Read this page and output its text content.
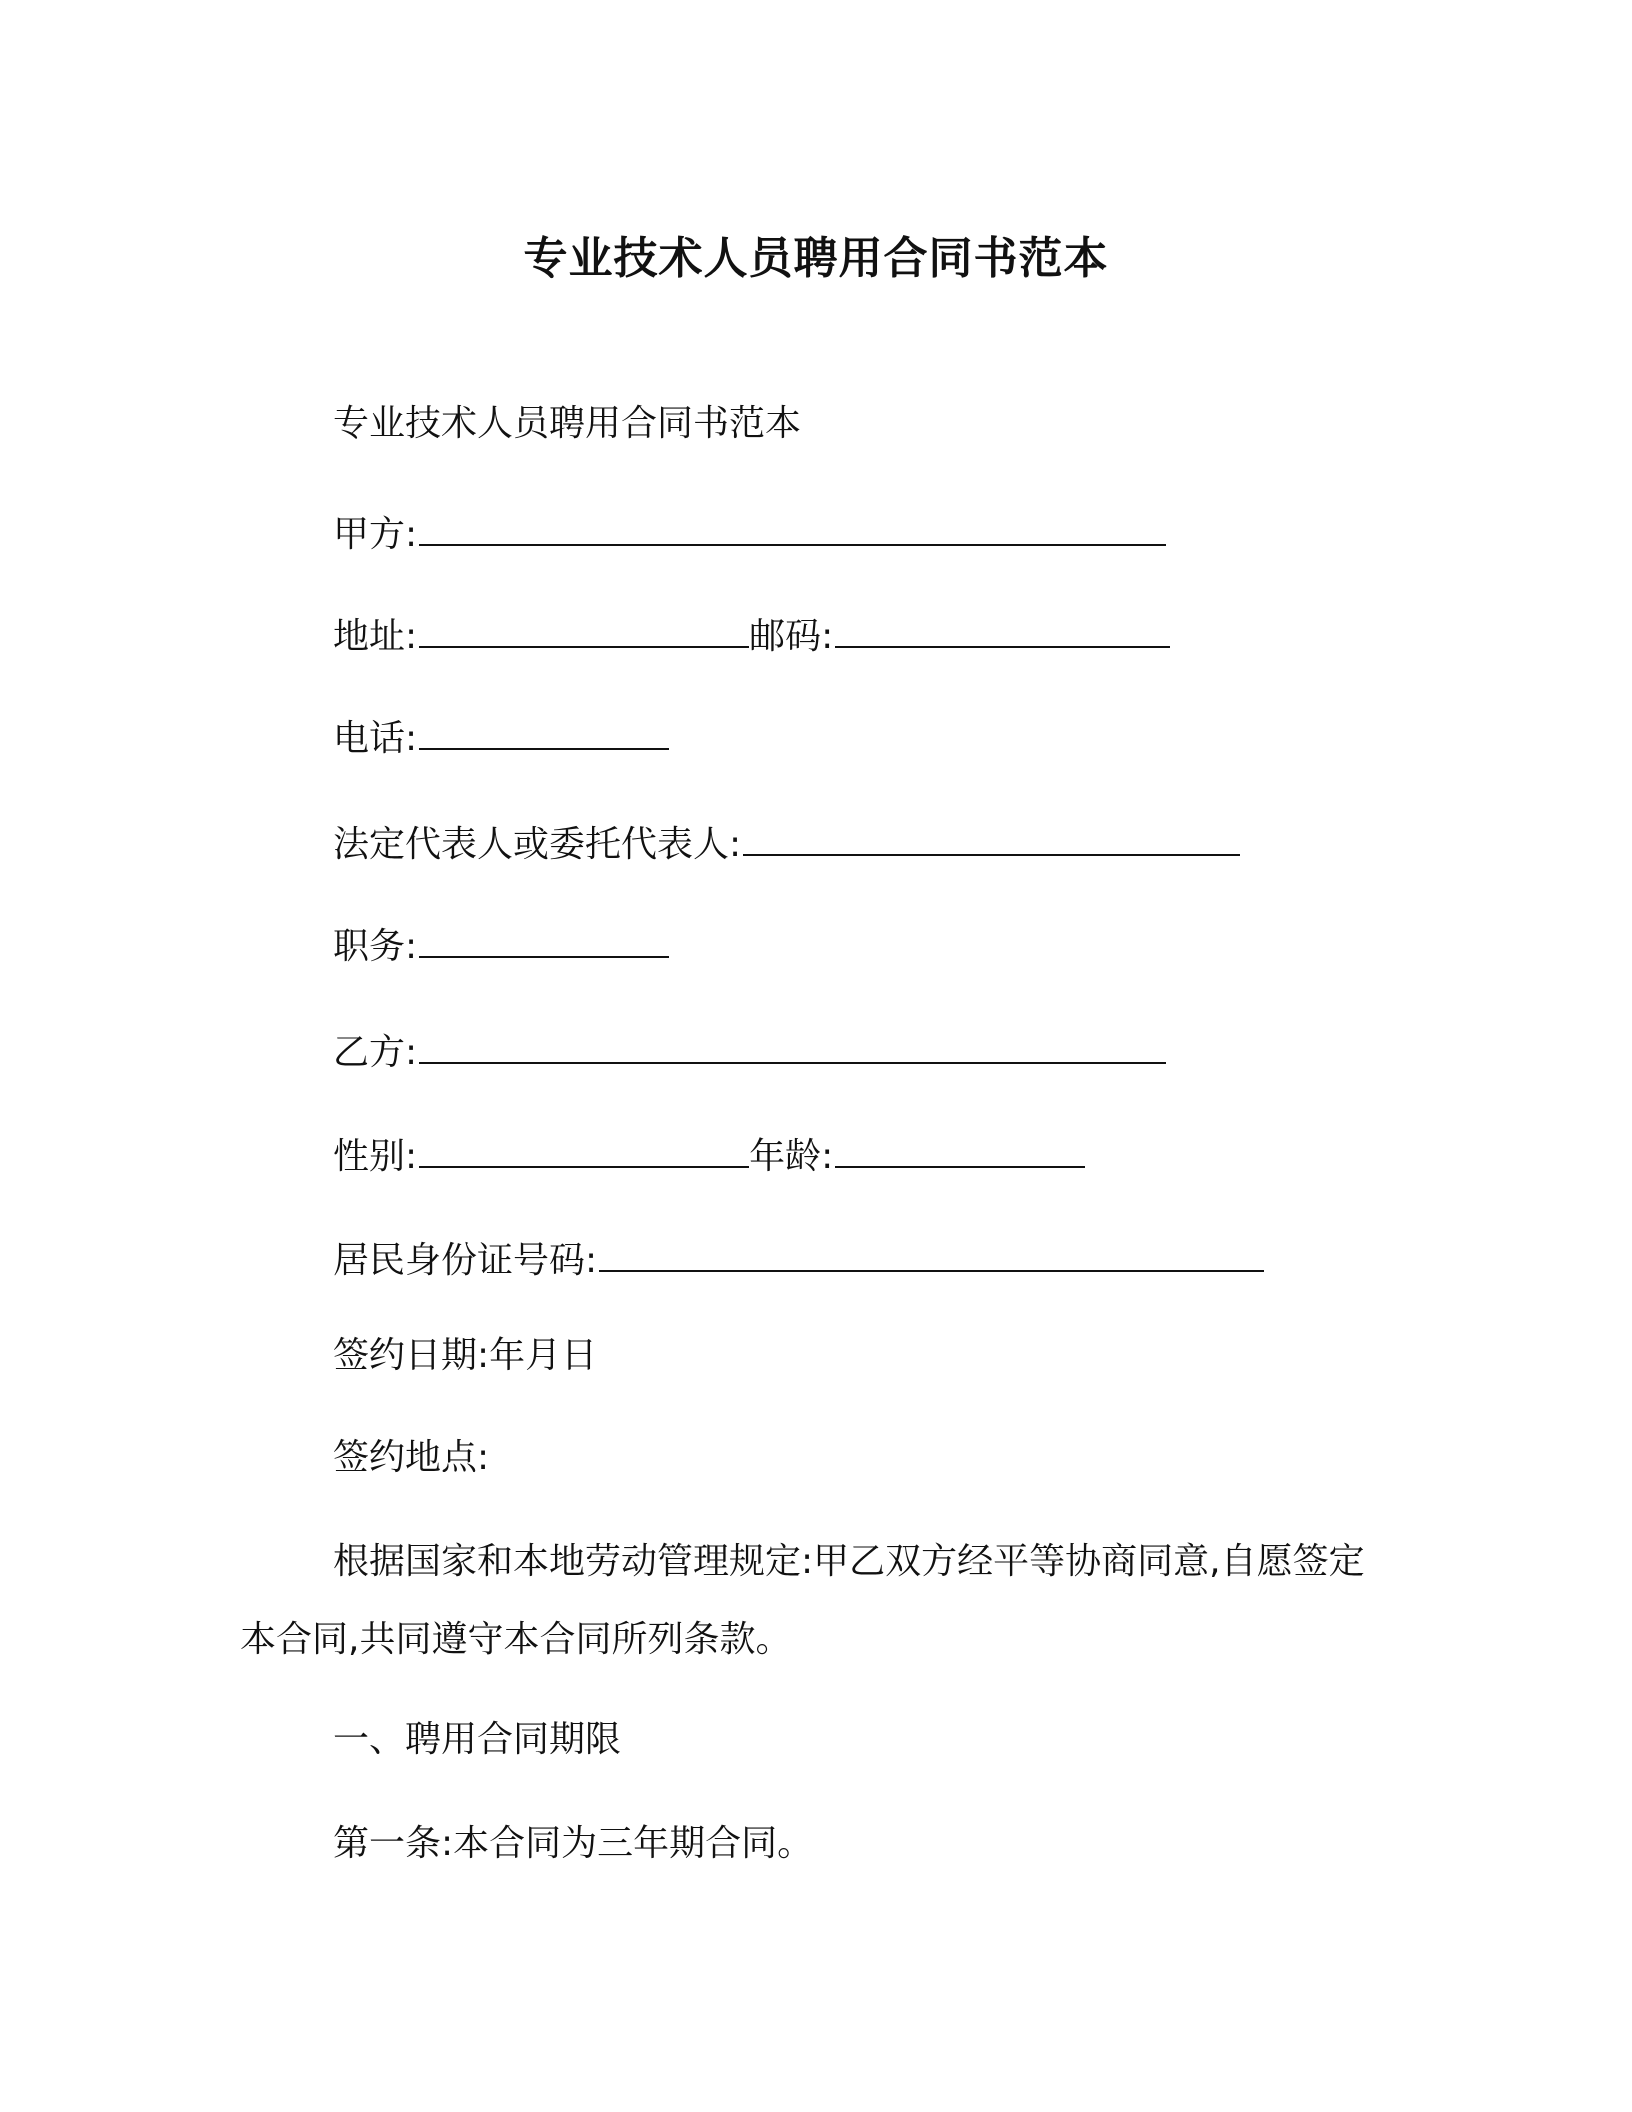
专业技术人员聘用合同书范本
专业技术人员聘用合同书范本
甲方:
地址:	邮码:
电话:
法定代表人或委托代表人:
职务:
乙方:
性别:	年龄:
居民身份证号码:
签约日期:年月日
签约地点:
根据国家和本地劳动管理规定:甲乙双方经平等协商同意,自愿签定本合同,共同遵守本合同所列条款。
一、聘用合同期限
第一条:本合同为三年期合同。
